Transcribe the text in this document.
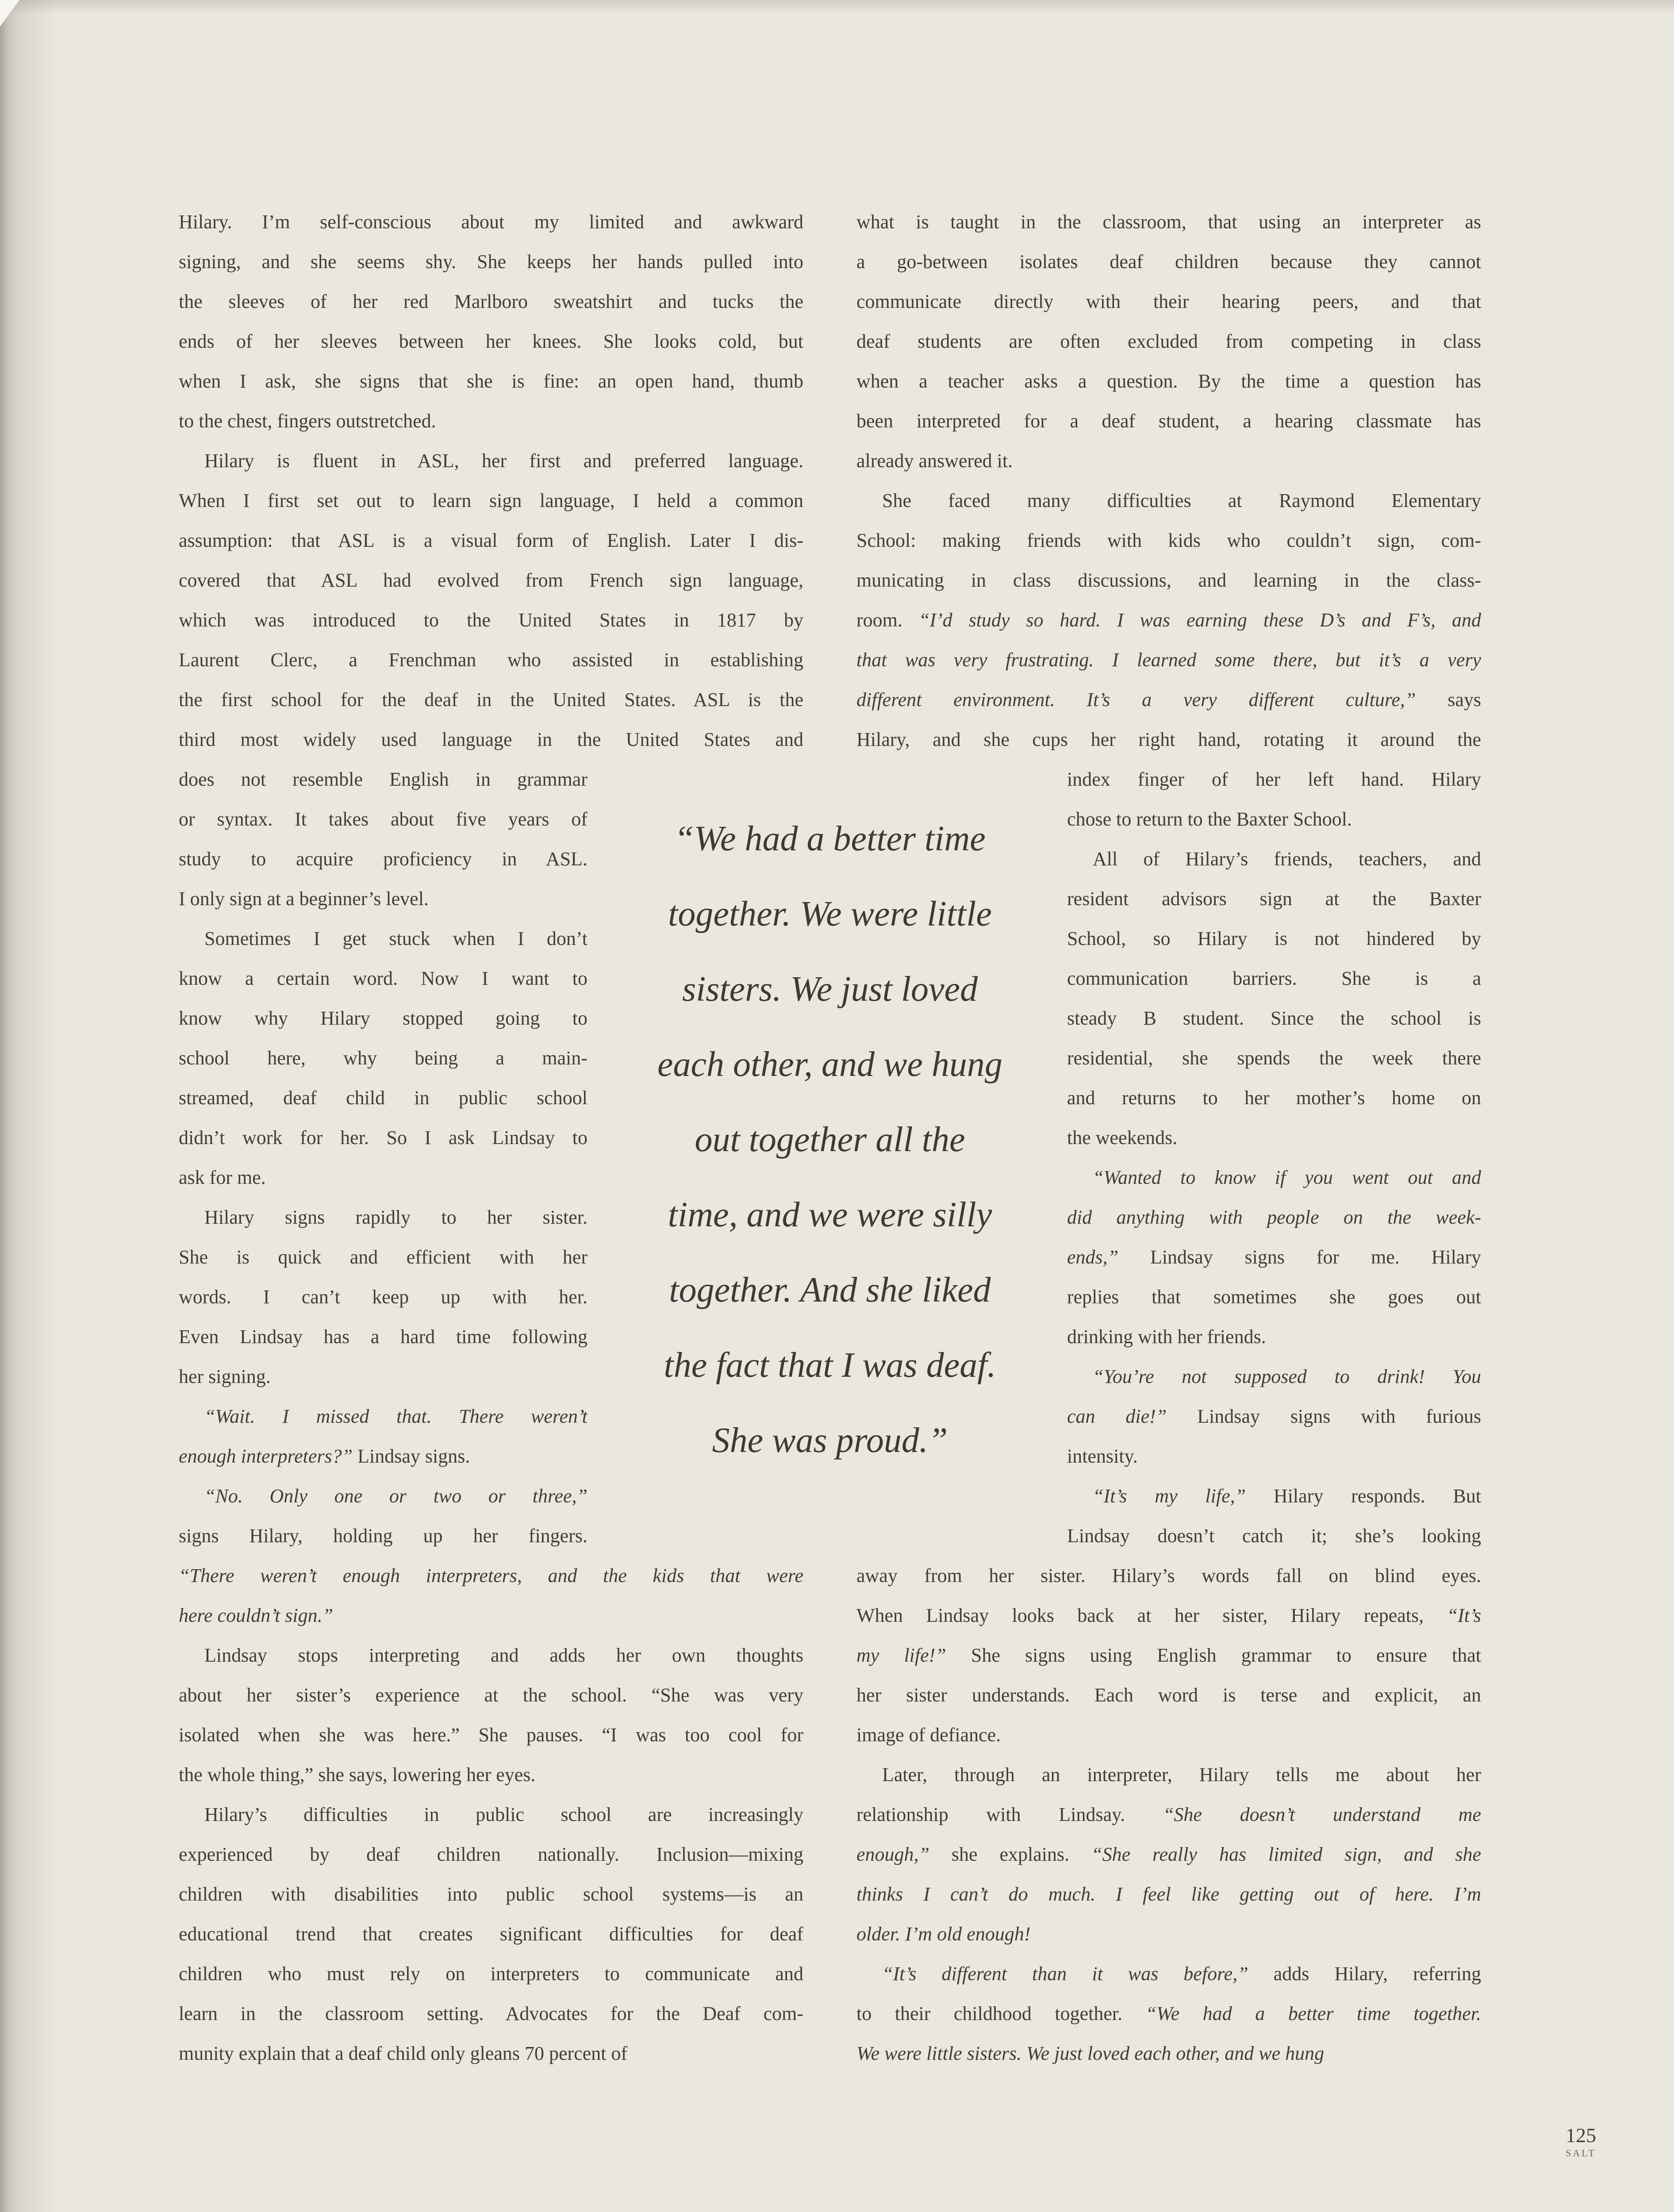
Hilary. I’m self-conscious about my limited and awkward
signing, and she seems shy. She keeps her hands pulled into
the sleeves of her red Marlboro sweatshirt and tucks the
ends of her sleeves between her knees. She looks cold, but
when I ask, she signs that she is fine: an open hand, thumb
to the chest, fingers outstretched.
Hilary is fluent in ASL, her first and preferred language.
When I first set out to learn sign language, I held a common
assumption: that ASL is a visual form of English. Later I dis-
covered that ASL had evolved from French sign language,
which was introduced to the United States in 1817 by
Laurent Clerc, a Frenchman who assisted in establishing
the first school for the deaf in the United States. ASL is the
third most widely used language in the United States and
does not resemble English in grammar
or syntax. It takes about five years of
study to acquire proficiency in ASL.
I only sign at a beginner’s level.
Sometimes I get stuck when I don’t
know a certain word. Now I want to
know why Hilary stopped going to
school here, why being a main-
streamed, deaf child in public school
didn’t work for her. So I ask Lindsay to
ask for me.
Hilary signs rapidly to her sister.
She is quick and efficient with her
words. I can’t keep up with her.
Even Lindsay has a hard time following
her signing.
“Wait. I missed that. There weren’t
enough interpreters?” Lindsay signs.
“No. Only one or two or three,”
signs Hilary, holding up her fingers.
“There weren’t enough interpreters, and the kids that were
here couldn’t sign.”
Lindsay stops interpreting and adds her own thoughts
about her sister’s experience at the school. “She was very
isolated when she was here.” She pauses. “I was too cool for
the whole thing,” she says, lowering her eyes.
Hilary’s difficulties in public school are increasingly
experienced by deaf children nationally. Inclusion—mixing
children with disabilities into public school systems—is an
educational trend that creates significant difficulties for deaf
children who must rely on interpreters to communicate and
learn in the classroom setting. Advocates for the Deaf com-
munity explain that a deaf child only gleans 70 percent of
what is taught in the classroom, that using an interpreter as
a go-between isolates deaf children because they cannot
communicate directly with their hearing peers, and that
deaf students are often excluded from competing in class
when a teacher asks a question. By the time a question has
been interpreted for a deaf student, a hearing classmate has
already answered it.
She faced many difficulties at Raymond Elementary
School: making friends with kids who couldn’t sign, com-
municating in class discussions, and learning in the class-
room. “I’d study so hard. I was earning these D’s and F’s, and
that was very frustrating. I learned some there, but it’s a very
different environment. It’s a very different culture,” says
Hilary, and she cups her right hand, rotating it around the
index finger of her left hand. Hilary
chose to return to the Baxter School.
All of Hilary’s friends, teachers, and
resident advisors sign at the Baxter
School, so Hilary is not hindered by
communication barriers. She is a
steady B student. Since the school is
residential, she spends the week there
and returns to her mother’s home on
the weekends.
“Wanted to know if you went out and
did anything with people on the week-
ends,” Lindsay signs for me. Hilary
replies that sometimes she goes out
drinking with her friends.
“You’re not supposed to drink! You
can die!” Lindsay signs with furious
intensity.
“It’s my life,” Hilary responds. But
Lindsay doesn’t catch it; she’s looking
away from her sister. Hilary’s words fall on blind eyes.
When Lindsay looks back at her sister, Hilary repeats, “It’s
my life!” She signs using English grammar to ensure that
her sister understands. Each word is terse and explicit, an
image of defiance.
Later, through an interpreter, Hilary tells me about her
relationship with Lindsay. “She doesn’t understand me
enough,” she explains. “She really has limited sign, and she
thinks I can’t do much. I feel like getting out of here. I’m
older. I’m old enough!
“It’s different than it was before,” adds Hilary, referring
to their childhood together. “We had a better time together.
We were little sisters. We just loved each other, and we hung
“We had a better time
together. We were little
sisters. We just loved
each other, and we hung
out together all the
time, and we were silly
together. And she liked
the fact that I was deaf.
She was proud.”
125
SALT
